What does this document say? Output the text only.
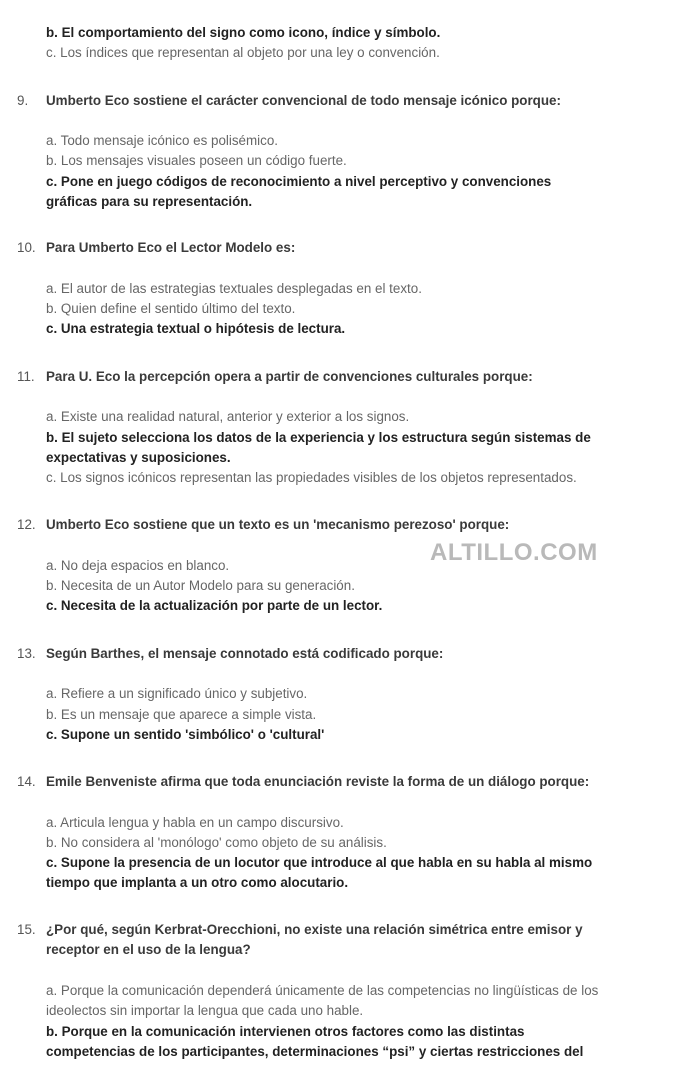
b. El comportamiento del signo como icono, índice y símbolo.
c. Los índices que representan al objeto por una ley o convención.
9. Umberto Eco sostiene el carácter convencional de todo mensaje icónico porque:
a. Todo mensaje icónico es polisémico.
b. Los mensajes visuales poseen un código fuerte.
c. Pone en juego códigos de reconocimiento a nivel perceptivo y convenciones
gráficas para su representación.
10. Para Umberto Eco el Lector Modelo es:
a. El autor de las estrategias textuales desplegadas en el texto.
b. Quien define el sentido último del texto.
c. Una estrategia textual o hipótesis de lectura.
11. Para U. Eco la percepción opera a partir de convenciones culturales porque:
a. Existe una realidad natural, anterior y exterior a los signos.
b. El sujeto selecciona los datos de la experiencia y los estructura según sistemas de
expectativas y suposiciones.
c. Los signos icónicos representan las propiedades visibles de los objetos representados.
12. Umberto Eco sostiene que un texto es un 'mecanismo perezoso' porque:
a. No deja espacios en blanco.
b. Necesita de un Autor Modelo para su generación.
c. Necesita de la actualización por parte de un lector.
ALTILLO.COM
13. Según Barthes, el mensaje connotado está codificado porque:
a. Refiere a un significado único y subjetivo.
b. Es un mensaje que aparece a simple vista.
c. Supone un sentido 'simbólico' o 'cultural'
14. Emile Benveniste afirma que toda enunciación reviste la forma de un diálogo porque:
a. Articula lengua y habla en un campo discursivo.
b. No considera al 'monólogo' como objeto de su análisis.
c. Supone la presencia de un locutor que introduce al que habla en su habla al mismo
tiempo que implanta a un otro como alocutario.
15. ¿Por qué, según Kerbrat-Orecchioni, no existe una relación simétrica entre emisor y
receptor en el uso de la lengua?
a. Porque la comunicación dependerá únicamente de las competencias no lingüísticas de los
ideolectos sin importar la lengua que cada uno hable.
b. Porque en la comunicación intervienen otros factores como las distintas
competencias de los participantes, determinaciones “psi” y ciertas restricciones del
